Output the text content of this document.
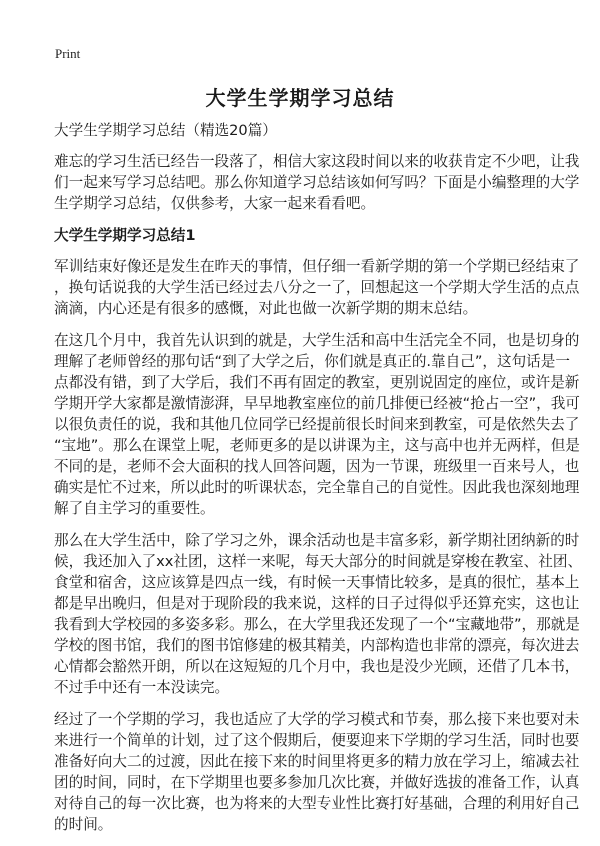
Print
大学生学期学习总结
大学生学期学习总结（精选20篇）
难忘的学习生活已经告一段落了，相信大家这段时间以来的收获肯定不少吧，让我
们一起来写学习总结吧。那么你知道学习总结该如何写吗？下面是小编整理的大学
生学期学习总结，仅供参考，大家一起来看看吧。
大学生学期学习总结1
军训结束好像还是发生在昨天的事情，但仔细一看新学期的第一个学期已经结束了
，换句话说我的大学生活已经过去八分之一了，回想起这一个学期大学生活的点点
滴滴，内心还是有很多的感慨，对此也做一次新学期的期末总结。
在这几个月中，我首先认识到的就是，大学生活和高中生活完全不同，也是切身的
理解了老师曾经的那句话“到了大学之后，你们就是真正的.靠自己”，这句话是一
点都没有错，到了大学后，我们不再有固定的教室，更别说固定的座位，或许是新
学期开学大家都是激情澎湃，早早地教室座位的前几排便已经被“抢占一空”，我可
以很负责任的说，我和其他几位同学已经提前很长时间来到教室，可是依然失去了
“宝地”。那么在课堂上呢，老师更多的是以讲课为主，这与高中也并无两样，但是
不同的是，老师不会大面积的找人回答问题，因为一节课，班级里一百来号人，也
确实是忙不过来，所以此时的听课状态，完全靠自己的自觉性。因此我也深刻地理
解了自主学习的重要性。
那么在大学生活中，除了学习之外，课余活动也是丰富多彩，新学期社团纳新的时
候，我还加入了xx社团，这样一来呢，每天大部分的时间就是穿梭在教室、社团、
食堂和宿舍，这应该算是四点一线，有时候一天事情比较多，是真的很忙，基本上
都是早出晚归，但是对于现阶段的我来说，这样的日子过得似乎还算充实，这也让
我看到大学校园的多姿多彩。那么，在大学里我还发现了一个“宝藏地带”，那就是
学校的图书馆，我们的图书馆修建的极其精美，内部构造也非常的漂亮，每次进去
心情都会豁然开朗，所以在这短短的几个月中，我也是没少光顾，还借了几本书，
不过手中还有一本没读完。
经过了一个学期的学习，我也适应了大学的学习模式和节奏，那么接下来也要对未
来进行一个简单的计划，过了这个假期后，便要迎来下学期的学习生活，同时也要
准备好向大二的过渡，因此在接下来的时间里将更多的精力放在学习上，缩减去社
团的时间，同时，在下学期里也要多参加几次比赛，并做好选拔的准备工作，认真
对待自己的每一次比赛，也为将来的大型专业性比赛打好基础，合理的利用好自己
的时间。
